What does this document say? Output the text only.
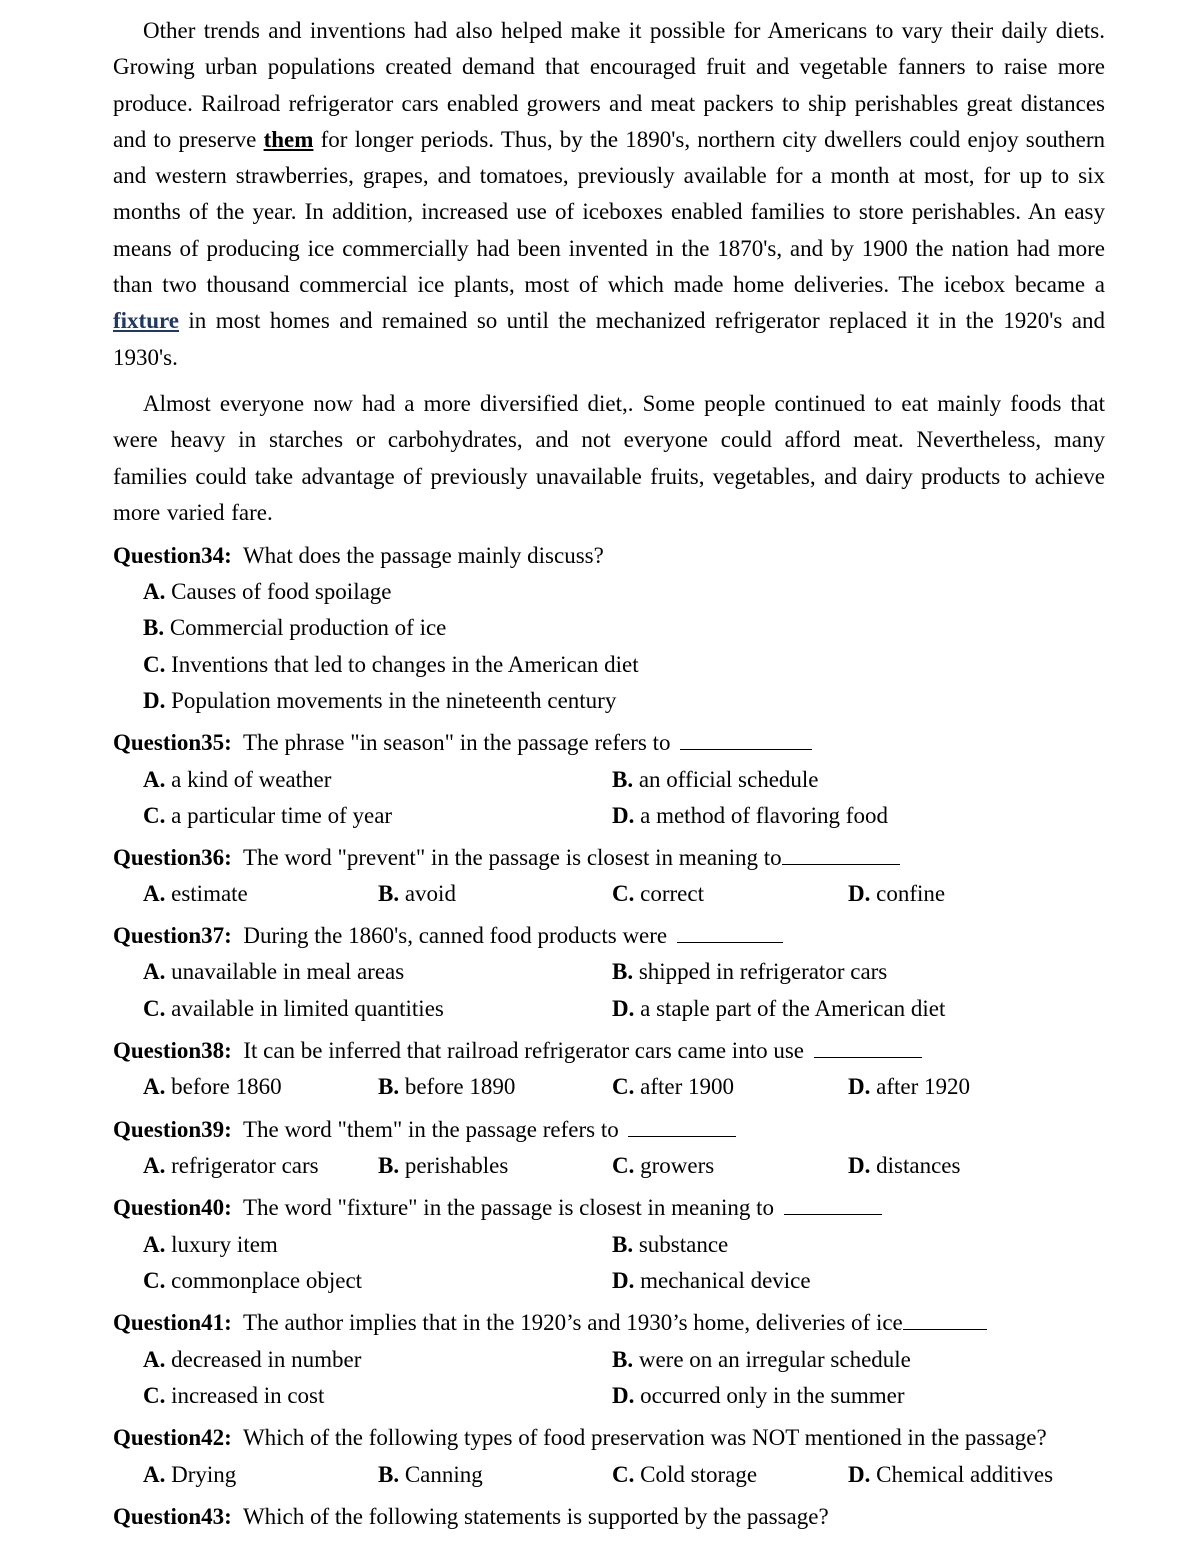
Other trends and inventions had also helped make it possible for Americans to vary their daily diets. Growing urban populations created demand that encouraged fruit and vegetable fanners to raise more produce. Railroad refrigerator cars enabled growers and meat packers to ship perishables great distances and to preserve them for longer periods. Thus, by the 1890's, northern city dwellers could enjoy southern and western strawberries, grapes, and tomatoes, previously available for a month at most, for up to six months of the year. In addition, increased use of iceboxes enabled families to store perishables. An easy means of producing ice commercially had been invented in the 1870's, and by 1900 the nation had more than two thousand commercial ice plants, most of which made home deliveries. The icebox became a fixture in most homes and remained so until the mechanized refrigerator replaced it in the 1920's and 1930's.

Almost everyone now had a more diversified diet,. Some people continued to eat mainly foods that were heavy in starches or carbohydrates, and not everyone could afford meat. Nevertheless, many families could take advantage of previously unavailable fruits, vegetables, and dairy products to achieve more varied fare.

Question34: What does the passage mainly discuss?
A. Causes of food spoilage
B. Commercial production of ice
C. Inventions that led to changes in the American diet
D. Population movements in the nineteenth century
Question35: The phrase "in season" in the passage refers to
A. a kind of weather	B. an official schedule
C. a particular time of year	D. a method of flavoring food
Question36: The word "prevent" in the passage is closest in meaning to
A. estimate	B. avoid	C. correct	D. confine
Question37: During the 1860's, canned food products were
A. unavailable in meal areas	B. shipped in refrigerator cars
C. available in limited quantities	D. a staple part of the American diet
Question38: It can be inferred that railroad refrigerator cars came into use
A. before 1860	B. before 1890	C. after 1900	D. after 1920
Question39: The word "them" in the passage refers to
A. refrigerator cars	B. perishables	C. growers	D. distances
Question40: The word "fixture" in the passage is closest in meaning to
A. luxury item	B. substance
C. commonplace object	D. mechanical device
Question41: The author implies that in the 1920’s and 1930’s home, deliveries of ice
A. decreased in number	B. were on an irregular schedule
C. increased in cost	D. occurred only in the summer
Question42: Which of the following types of food preservation was NOT mentioned in the passage?
A. Drying	B. Canning	C. Cold storage	D. Chemical additives
Question43: Which of the following statements is supported by the passage?
